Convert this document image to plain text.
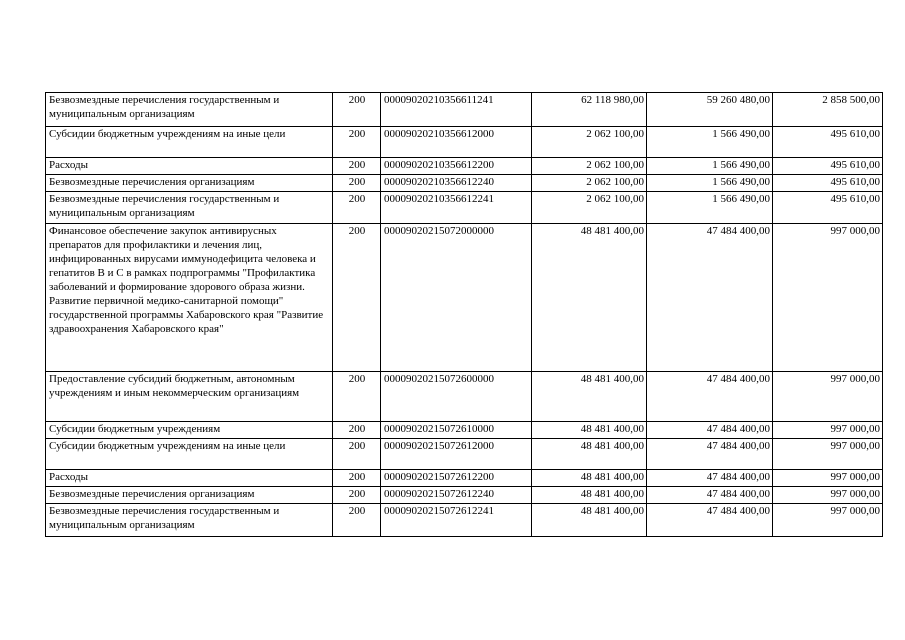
Безвозмездные перечисления государственным и муниципальным организациям	200	00009020210356611241	62 118 980,00	59 260 480,00	2 858 500,00
Субсидии бюджетным учреждениям на иные цели	200	00009020210356612000	2 062 100,00	1 566 490,00	495 610,00
Расходы	200	00009020210356612200	2 062 100,00	1 566 490,00	495 610,00
Безвозмездные перечисления организациям	200	00009020210356612240	2 062 100,00	1 566 490,00	495 610,00
Безвозмездные перечисления государственным и муниципальным организациям	200	00009020210356612241	2 062 100,00	1 566 490,00	495 610,00
Финансовое обеспечение закупок антивирусных препаратов для профилактики и лечения лиц, инфицированных вирусами иммунодефицита человека и гепатитов B и C в рамках подпрограммы "Профилактика заболеваний и формирование здорового образа жизни. Развитие первичной медико-санитарной помощи" государственной программы Хабаровского края "Развитие здравоохранения Хабаровского края"	200	00009020215072000000	48 481 400,00	47 484 400,00	997 000,00
Предоставление субсидий бюджетным, автономным учреждениям и иным некоммерческим организациям	200	00009020215072600000	48 481 400,00	47 484 400,00	997 000,00
Субсидии бюджетным учреждениям	200	00009020215072610000	48 481 400,00	47 484 400,00	997 000,00
Субсидии бюджетным учреждениям на иные цели	200	00009020215072612000	48 481 400,00	47 484 400,00	997 000,00
Расходы	200	00009020215072612200	48 481 400,00	47 484 400,00	997 000,00
Безвозмездные перечисления организациям	200	00009020215072612240	48 481 400,00	47 484 400,00	997 000,00
Безвозмездные перечисления государственным и муниципальным организациям	200	00009020215072612241	48 481 400,00	47 484 400,00	997 000,00
